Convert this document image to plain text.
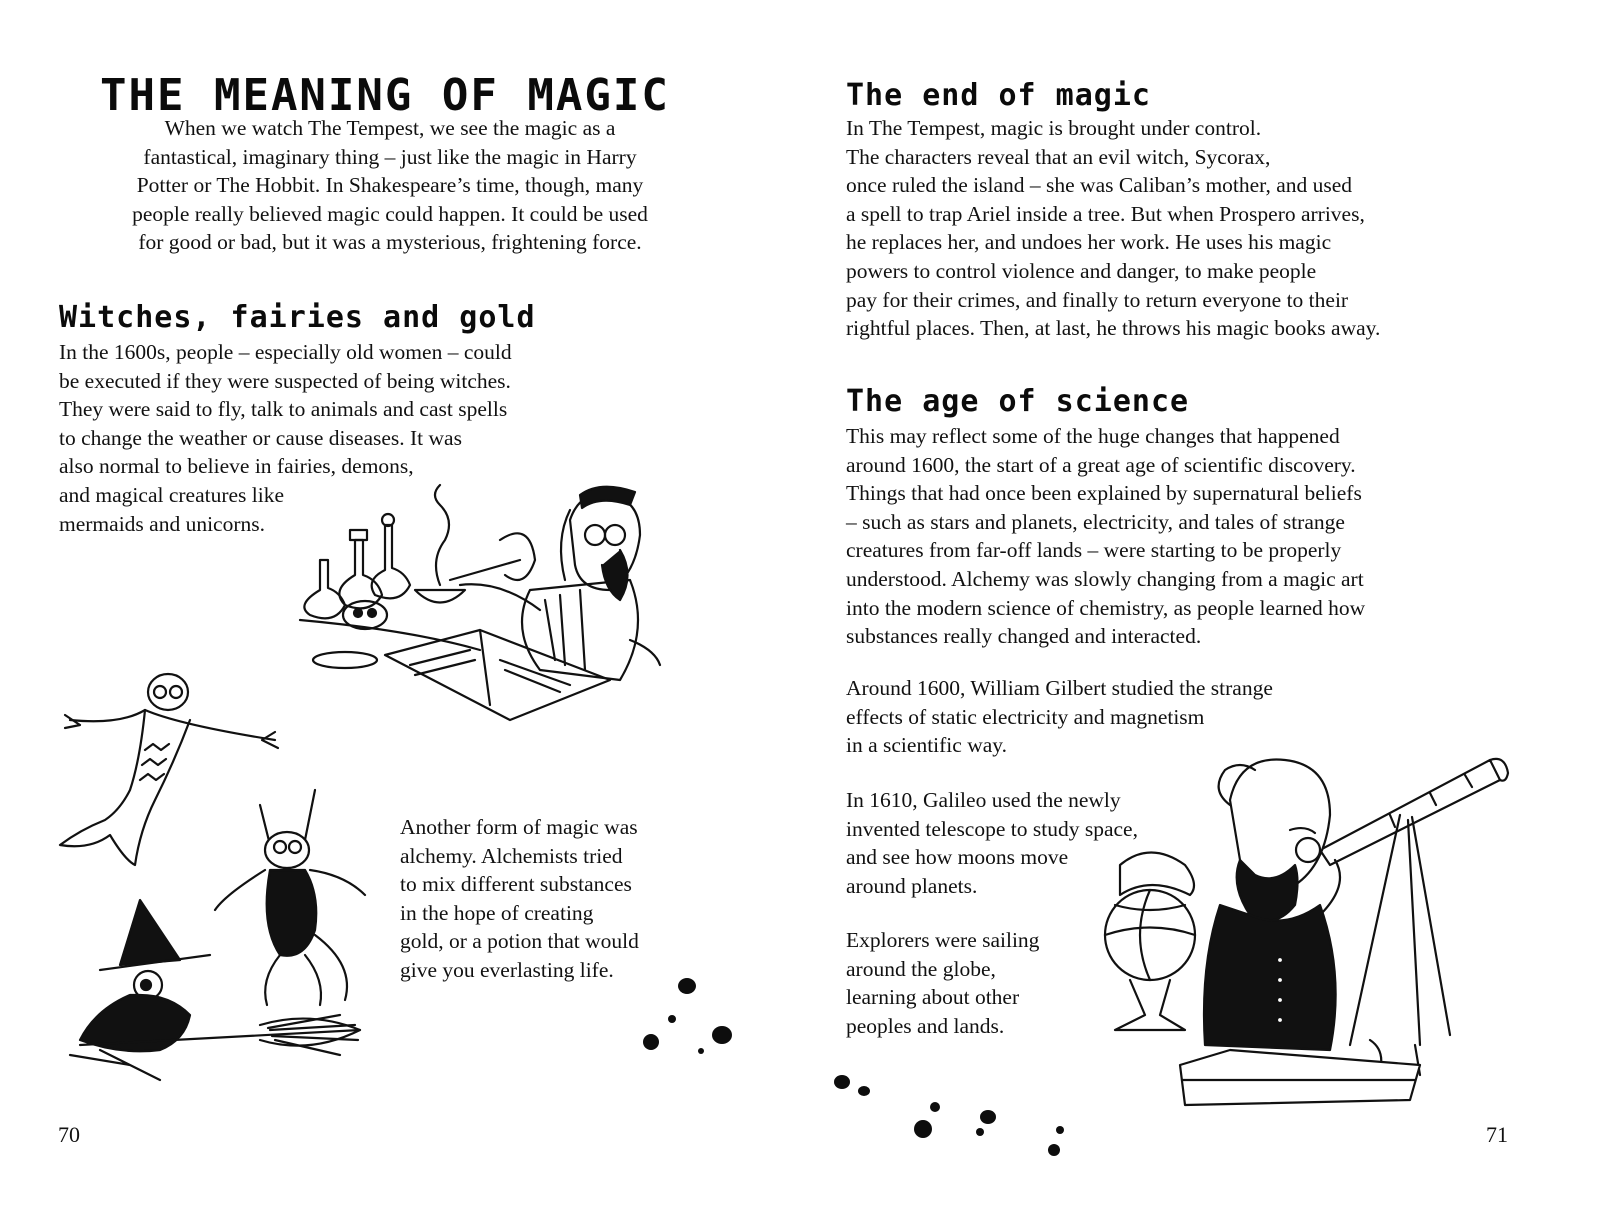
THE MEANING OF MAGIC
When we watch The Tempest, we see the magic as a
fantastical, imaginary thing – just like the magic in Harry
Potter or The Hobbit. In Shakespeare’s time, though, many
people really believed magic could happen. It could be used
for good or bad, but it was a mysterious, frightening force.
Witches, fairies and gold
In the 1600s, people – especially old women – could
be executed if they were suspected of being witches.
They were said to fly, talk to animals and cast spells
to change the weather or cause diseases. It was
also normal to believe in fairies, demons,
and magical creatures like
mermaids and unicorns.
Another form of magic was
alchemy. Alchemists tried
to mix different substances
in the hope of creating
gold, or a potion that would
give you everlasting life.
70
The end of magic
In The Tempest, magic is brought under control.
The characters reveal that an evil witch, Sycorax,
once ruled the island – she was Caliban’s mother, and used
a spell to trap Ariel inside a tree. But when Prospero arrives,
he replaces her, and undoes her work. He uses his magic
powers to control violence and danger, to make people
pay for their crimes, and finally to return everyone to their
rightful places. Then, at last, he throws his magic books away.
The age of science
This may reflect some of the huge changes that happened
around 1600, the start of a great age of scientific discovery.
Things that had once been explained by supernatural beliefs
– such as stars and planets, electricity, and tales of strange
creatures from far-off lands – were starting to be properly
understood. Alchemy was slowly changing from a magic art
into the modern science of chemistry, as people learned how
substances really changed and interacted.
Around 1600, William Gilbert studied the strange
effects of static electricity and magnetism
in a scientific way.
In 1610, Galileo used the newly
invented telescope to study space,
and see how moons move
around planets.
Explorers were sailing
around the globe,
learning about other
peoples and lands.
71
